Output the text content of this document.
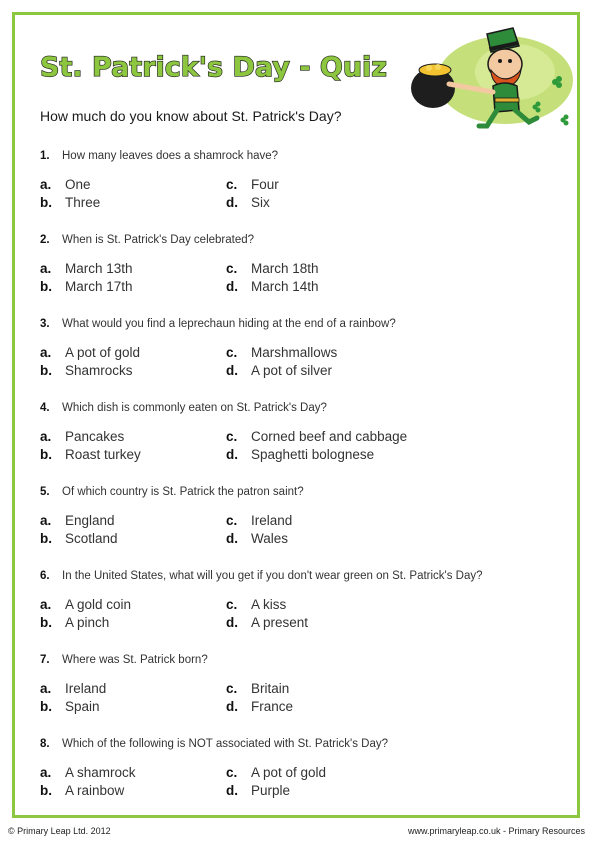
St. Patrick's Day - Quiz

How much do you know about St. Patrick's Day?

1.	How many leaves does a shamrock have?
a.	One	c.	Four
b. Three	d. Six
2.	When is St. Patrick's Day celebrated?
a.	March 13th	c.	March 18th
b. March 17th	d. March 14th
3.	What would you find a leprechaun hiding at the end of a rainbow?
a.	A pot of gold	c.	Marshmallows
b. Shamrocks	d. A pot of silver
4.	Which dish is commonly eaten on St. Patrick's Day?
a.	Pancakes	c.	Corned beef and cabbage
b. Roast turkey	d. Spaghetti bolognese
5.	Of which country is St. Patrick the patron saint?
a.	England	c.	Ireland
b. Scotland	d. Wales
6.	In the United States, what will you get if you don't wear green on St. Patrick's Day?
a.	A gold coin	c.	A kiss
b. A pinch	d. A present
7.	Where was St. Patrick born?
a.	Ireland	c.	Britain
b. Spain	d. France
8.	Which of the following is NOT associated with St. Patrick's Day?
a.	A shamrock	c.	A pot of gold
b. A rainbow	d. Purple
© Primary Leap Ltd. 2012	www.primaryleap.co.uk - Primary Resources
